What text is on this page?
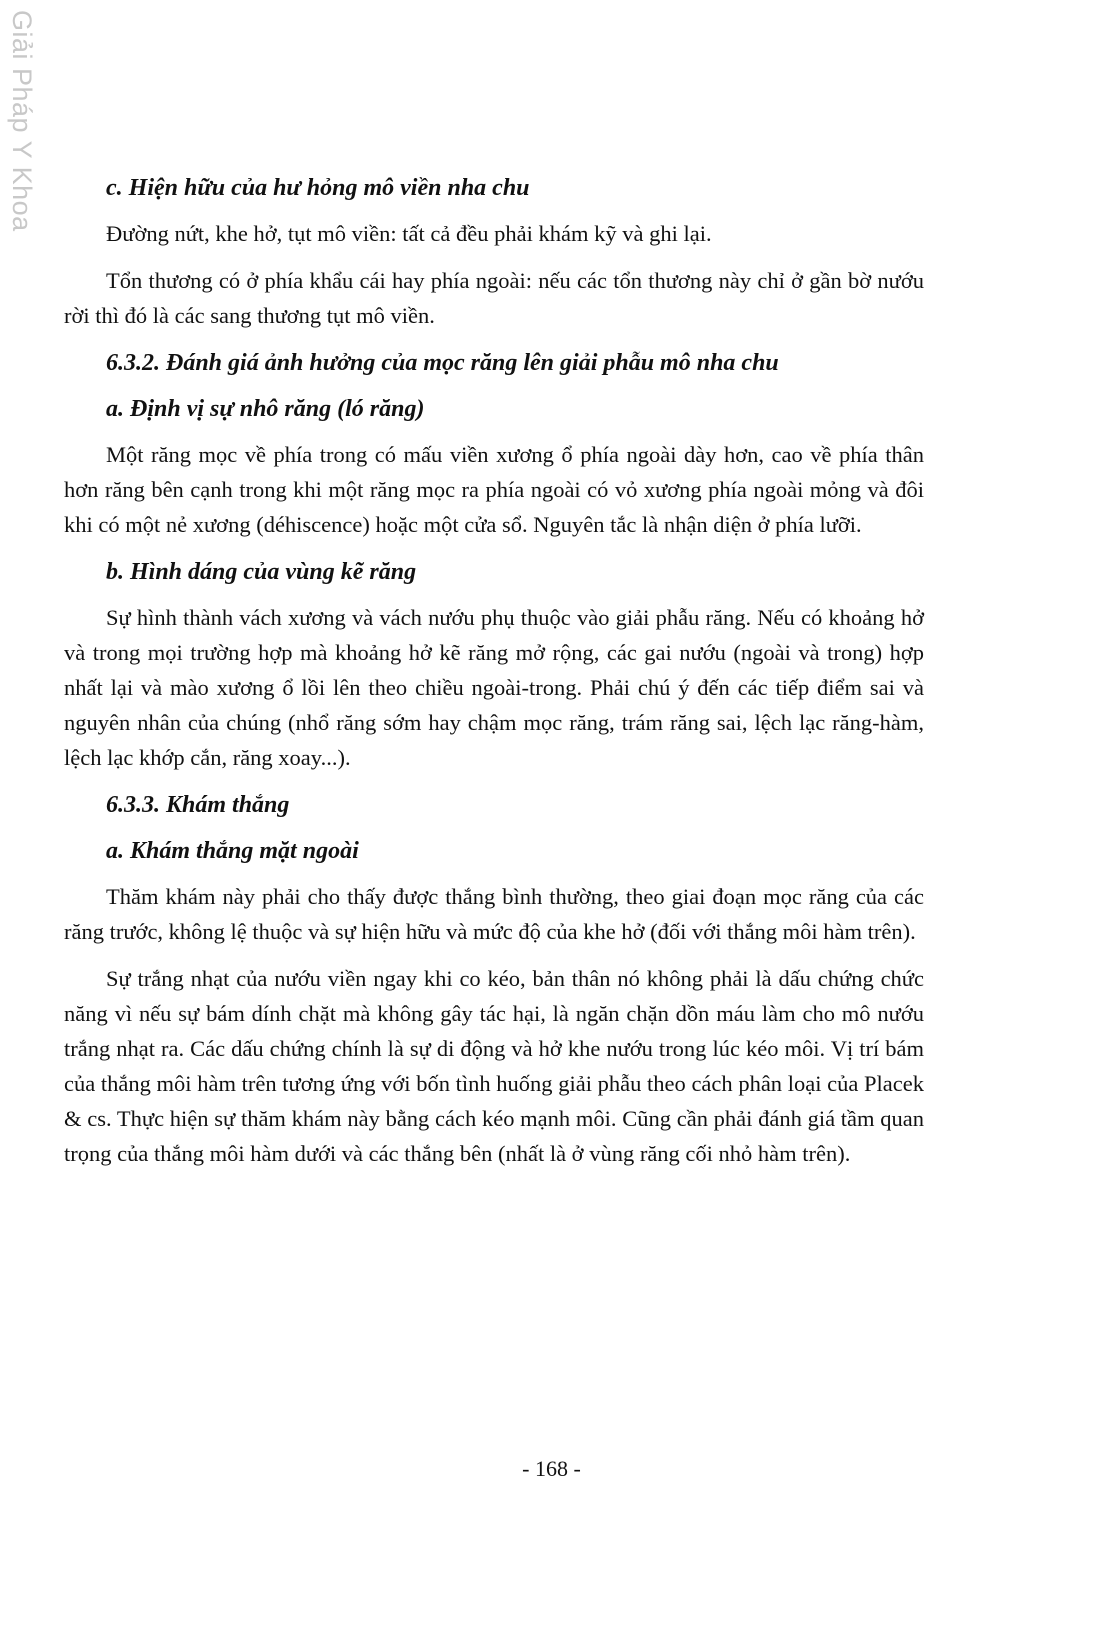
Giải Pháp Y Khoa	c. Hiện hữu của hư hỏng mô viền nha chu
Đường nứt, khe hở, tụt mô viền: tất cả đều phải khám kỹ và ghi lại.
Tổn thương có ở phía khẩu cái hay phía ngoài: nếu các tổn thương này chỉ ở gần bờ nướu rời thì đó là các sang thương tụt mô viền.
6.3.2. Đánh giá ảnh hưởng của mọc răng lên giải phẫu mô nha chu
a. Định vị sự nhô răng (ló răng)
Một răng mọc về phía trong có mấu viền xương ổ phía ngoài dày hơn, cao về phía thân hơn răng bên cạnh trong khi một răng mọc ra phía ngoài có vỏ xương phía ngoài mỏng và đôi khi có một nẻ xương (déhiscence) hoặc một cửa sổ. Nguyên tắc là nhận diện ở phía lưỡi.
b. Hình dáng của vùng kẽ răng
Sự hình thành vách xương và vách nướu phụ thuộc vào giải phẫu răng. Nếu có khoảng hở và trong mọi trường hợp mà khoảng hở kẽ răng mở rộng, các gai nướu (ngoài và trong) hợp nhất lại và mào xương ổ lồi lên theo chiều ngoài-trong. Phải chú ý đến các tiếp điểm sai và nguyên nhân của chúng (nhổ răng sớm hay chậm mọc răng, trám răng sai, lệch lạc răng-hàm, lệch lạc khớp cắn, răng xoay...).
6.3.3. Khám thắng
a. Khám thắng mặt ngoài
Thăm khám này phải cho thấy được thắng bình thường, theo giai đoạn mọc răng của các răng trước, không lệ thuộc và sự hiện hữu và mức độ của khe hở (đối với thắng môi hàm trên).
Sự trắng nhạt của nướu viền ngay khi co kéo, bản thân nó không phải là dấu chứng chức năng vì nếu sự bám dính chặt mà không gây tác hại, là ngăn chặn dồn máu làm cho mô nướu trắng nhạt ra. Các dấu chứng chính là sự di động và hở khe nướu trong lúc kéo môi. Vị trí bám của thắng môi hàm trên tương ứng với bốn tình huống giải phẫu theo cách phân loại của Placek & cs. Thực hiện sự thăm khám này bằng cách kéo mạnh môi. Cũng cần phải đánh giá tầm quan trọng của thắng môi hàm dưới và các thắng bên (nhất là ở vùng răng cối nhỏ hàm trên).
- 168 -
